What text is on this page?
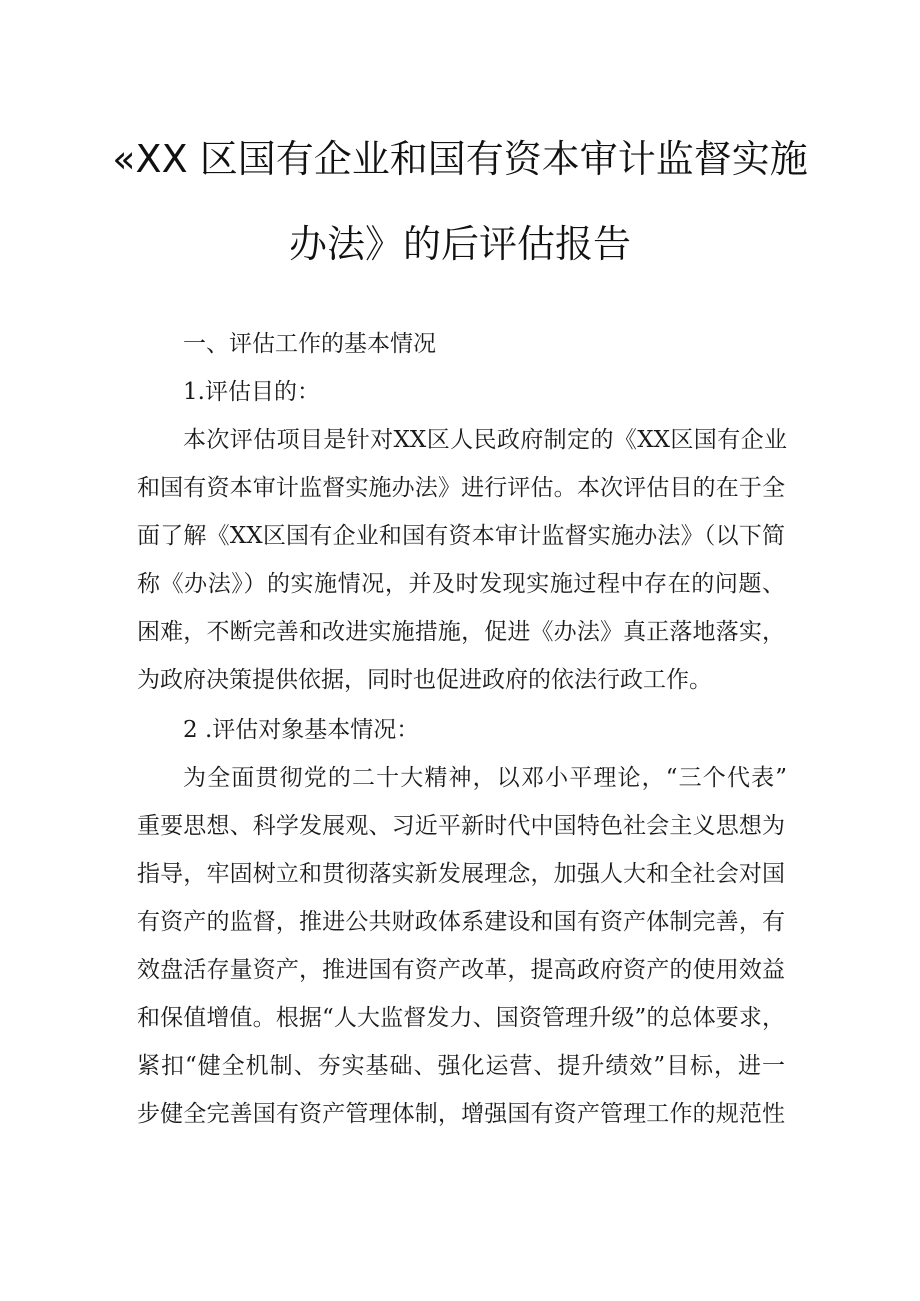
«XX 区国有企业和国有资本审计监督实施
办法》的后评估报告
一、评估工作的基本情况
1.评估目的：
本次评估项目是针对XX区人民政府制定的《XX区国有企业
和国有资本审计监督实施办法》进行评估。本次评估目的在于全
面了解《XX区国有企业和国有资本审计监督实施办法》（以下简
称《办法》）的实施情况，并及时发现实施过程中存在的问题、
困难，不断完善和改进实施措施，促进《办法》真正落地落实，
为政府决策提供依据，同时也促进政府的依法行政工作。
2 .评估对象基本情况：
为全面贯彻党的二十大精神，以邓小平理论，“三个代表”
重要思想、科学发展观、习近平新时代中国特色社会主义思想为
指导，牢固树立和贯彻落实新发展理念，加强人大和全社会对国
有资产的监督，推进公共财政体系建设和国有资产体制完善，有
效盘活存量资产，推进国有资产改革，提高政府资产的使用效益
和保值增值。根据“人大监督发力、国资管理升级”的总体要求，
紧扣“健全机制、夯实基础、强化运营、提升绩效”目标，进一
步健全完善国有资产管理体制，增强国有资产管理工作的规范性
